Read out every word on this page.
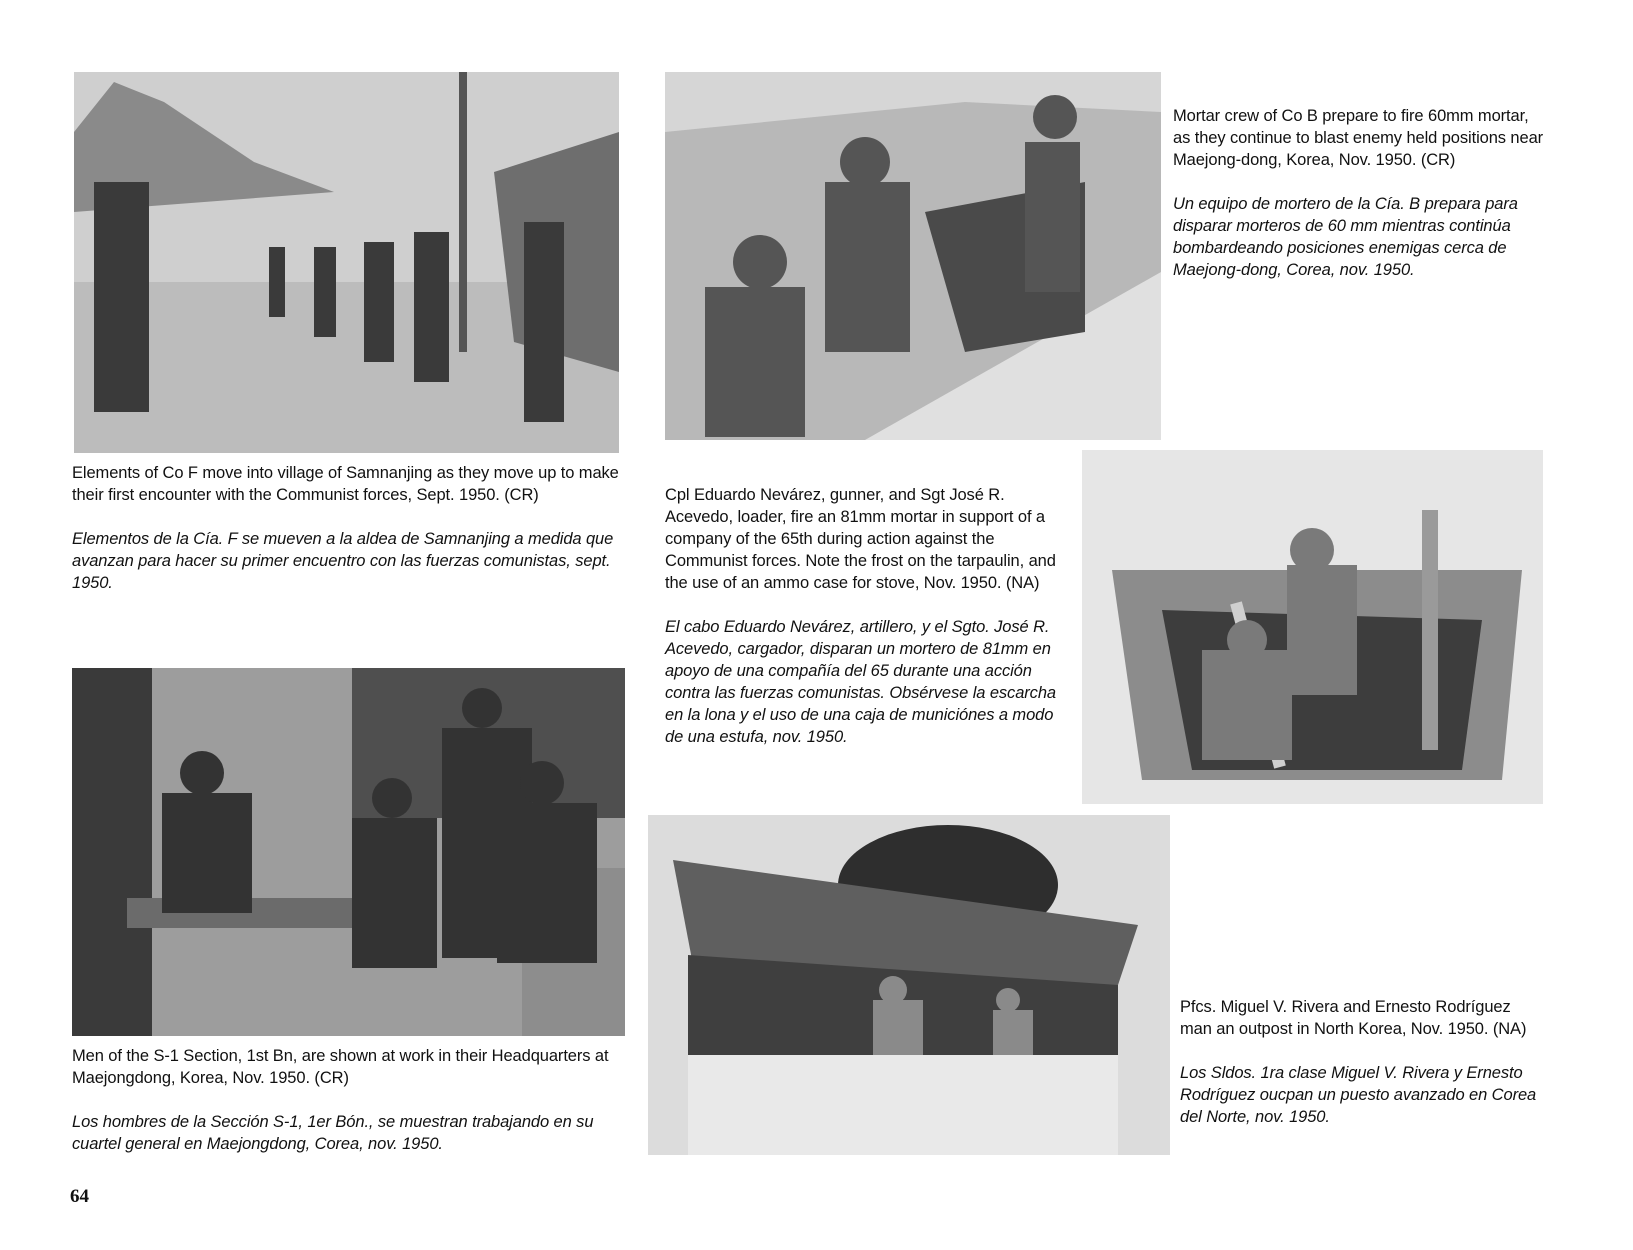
Elements of Co F move into village of Samnanjing as they move up to make their first encounter with the Communist forces, Sept. 1950. (CR)

Elementos de la Cía. F se mueven a la aldea de Samnanjing a medida que avanzan para hacer su primer encuentro con las fuerzas comunistas, sept. 1950.

Mortar crew of Co B prepare to fire 60mm mortar, as they continue to blast enemy held positions near Maejong-dong, Korea, Nov. 1950. (CR)

Un equipo de mortero de la Cía. B prepara para disparar morteros de 60 mm mientras continúa bombardeando posiciones enemigas cerca de Maejong-dong, Corea, nov. 1950.

Cpl Eduardo Nevárez, gunner, and Sgt José R. Acevedo, loader, fire an 81mm mortar in support of a company of the 65th during action against the Communist forces. Note the frost on the tarpaulin, and the use of an ammo case for stove, Nov. 1950. (NA)

El cabo Eduardo Nevárez, artillero, y el Sgto. José R. Acevedo, cargador, disparan un mortero de 81mm en apoyo de una compañía del 65 durante una acción contra las fuerzas comunistas. Obsérvese la escarcha en la lona y el uso de una caja de municiónes a modo de una estufa, nov. 1950.

Men of the S-1 Section, 1st Bn, are shown at work in their Headquarters at Maejongdong, Korea, Nov. 1950. (CR)

Los hombres de la Sección S-1, 1er Bón., se muestran trabajando en su cuartel general en Maejongdong, Corea, nov. 1950.

Pfcs. Miguel V. Rivera and Ernesto Rodríguez man an outpost in North Korea, Nov. 1950. (NA)

Los Sldos. 1ra clase Miguel V. Rivera y Ernesto Rodríguez oucpan un puesto avanzado en Corea del Norte, nov. 1950.

64
